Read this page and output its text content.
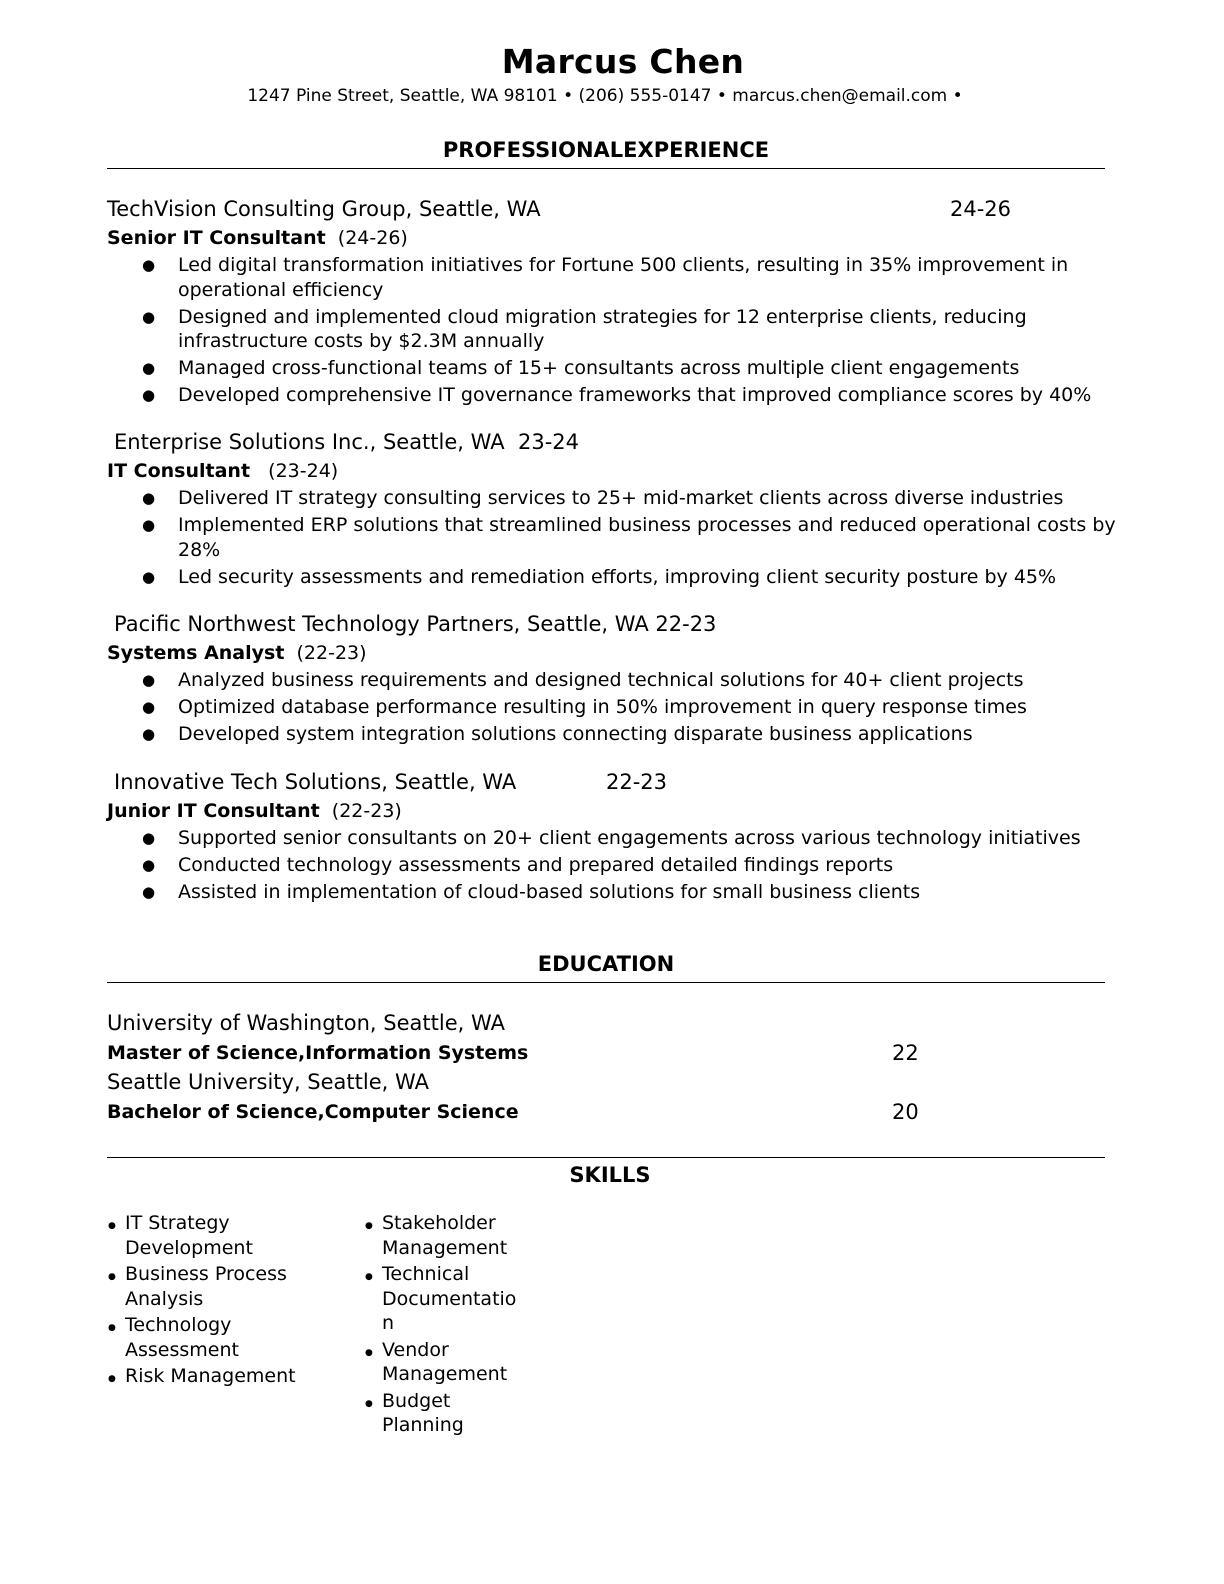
Marcus Chen
1247 Pine Street, Seattle, WA 98101 • (206) 555-0147 • marcus.chen@email.com •
PROFESSIONALEXPERIENCE
TechVision Consulting Group, Seattle, WA	24-26
Senior IT Consultant (24-26)
● Led digital transformation initiatives for Fortune 500 clients, resulting in 35% improvement in operational efficiency
● Designed and implemented cloud migration strategies for 12 enterprise clients, reducing infrastructure costs by $2.3M annually
● Managed cross-functional teams of 15+ consultants across multiple client engagements
● Developed comprehensive IT governance frameworks that improved compliance scores by 40%
Enterprise Solutions Inc., Seattle, WA 23-24
IT Consultant (23-24)
● Delivered IT strategy consulting services to 25+ mid-market clients across diverse industries
● Implemented ERP solutions that streamlined business processes and reduced operational costs by 28%
● Led security assessments and remediation efforts, improving client security posture by 45%
Pacific Northwest Technology Partners, Seattle, WA 22-23
Systems Analyst (22-23)
● Analyzed business requirements and designed technical solutions for 40+ client projects
● Optimized database performance resulting in 50% improvement in query response times
● Developed system integration solutions connecting disparate business applications
Innovative Tech Solutions, Seattle, WA	22-23
Junior IT Consultant (22-23)
● Supported senior consultants on 20+ client engagements across various technology initiatives
● Conducted technology assessments and prepared detailed findings reports
● Assisted in implementation of cloud-based solutions for small business clients
EDUCATION
University of Washington, Seattle, WA
Master of Science,Information Systems	22
Seattle University, Seattle, WA
Bachelor of Science,Computer Science	20
SKILLS
● IT Strategy Development
● Business Process Analysis
● Technology Assessment
● Risk Management
● Stakeholder Management
● Technical Documentatio n
● Vendor Management
● Budget Planning
